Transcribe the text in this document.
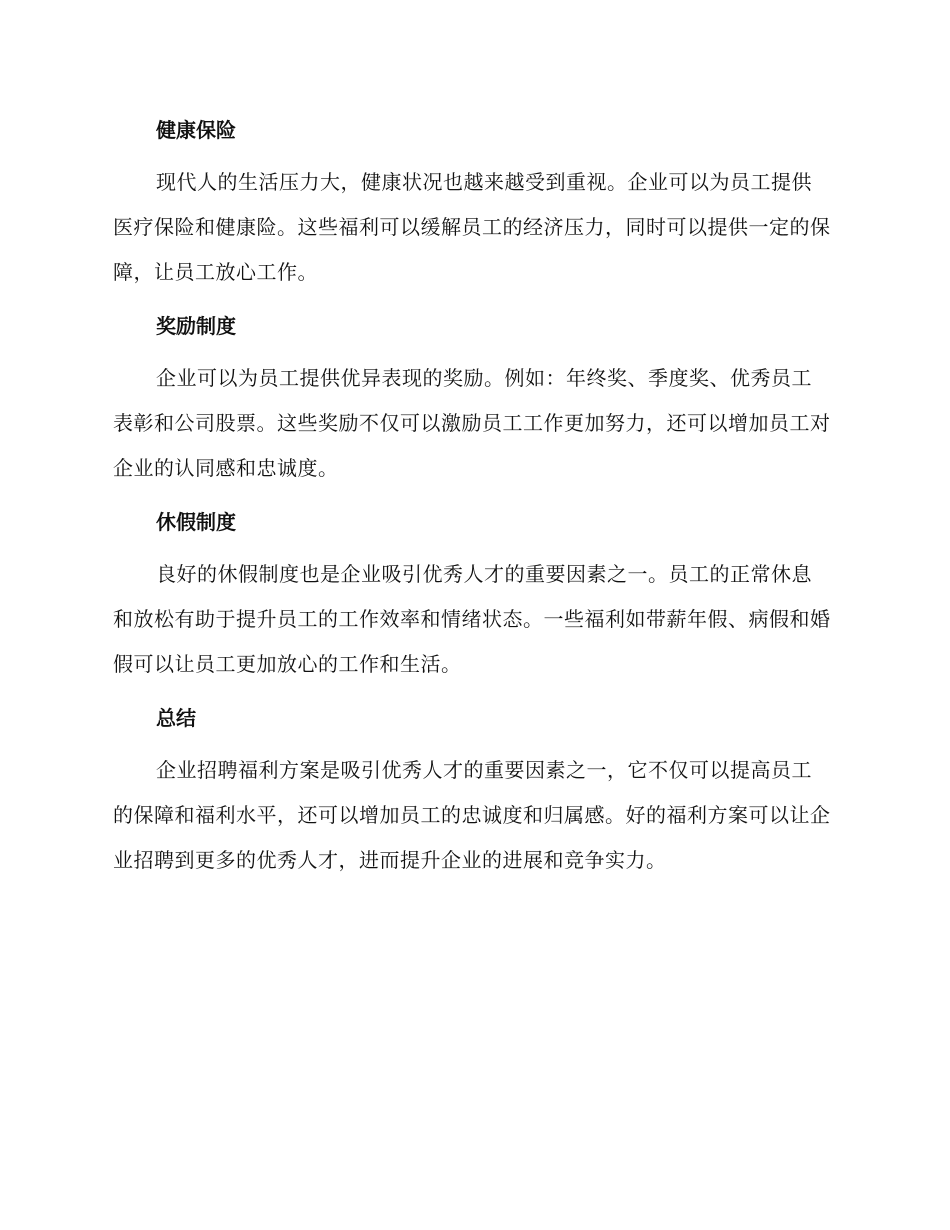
健康保险

现代人的生活压力大，健康状况也越来越受到重视。企业可以为员工提供医疗保险和健康险。这些福利可以缓解员工的经济压力，同时可以提供一定的保障，让员工放心工作。

奖励制度

企业可以为员工提供优异表现的奖励。例如：年终奖、季度奖、优秀员工表彰和公司股票。这些奖励不仅可以激励员工工作更加努力，还可以增加员工对企业的认同感和忠诚度。

休假制度

良好的休假制度也是企业吸引优秀人才的重要因素之一。员工的正常休息和放松有助于提升员工的工作效率和情绪状态。一些福利如带薪年假、病假和婚假可以让员工更加放心的工作和生活。

总结

企业招聘福利方案是吸引优秀人才的重要因素之一，它不仅可以提高员工的保障和福利水平，还可以增加员工的忠诚度和归属感。好的福利方案可以让企业招聘到更多的优秀人才，进而提升企业的进展和竞争实力。
